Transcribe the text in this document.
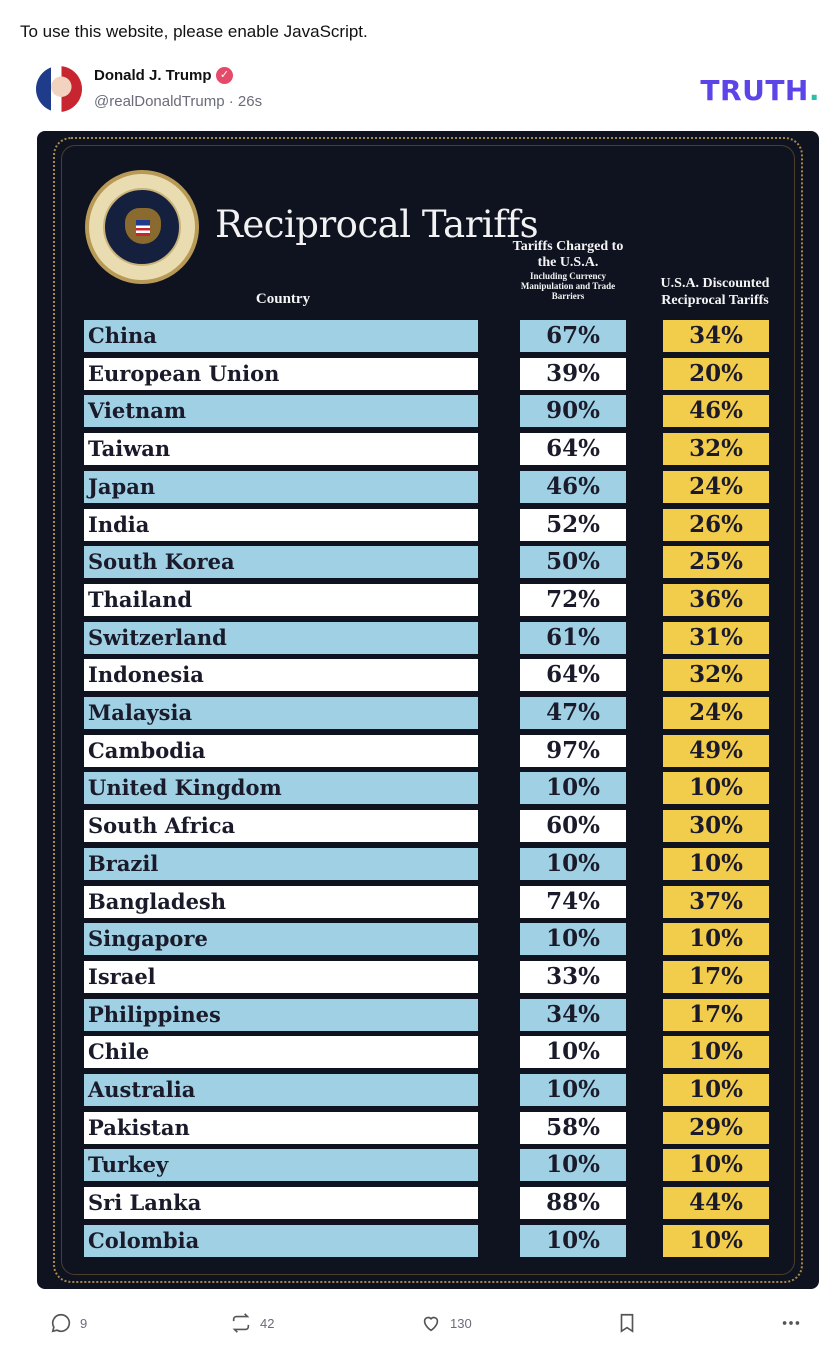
To use this website, please enable JavaScript.
Donald J. Trump ✓
@realDonaldTrump · 26s	TRUTH.
Reciprocal Tariffs
Country
Tariffs Charged to the U.S.A.
Including Currency Manipulation and Trade Barriers
U.S.A. Discounted Reciprocal Tariffs
China	67%	34%
European Union	39%	20%
Vietnam	90%	46%
Taiwan	64%	32%
Japan	46%	24%
India	52%	26%
South Korea	50%	25%
Thailand	72%	36%
Switzerland	61%	31%
Indonesia	64%	32%
Malaysia	47%	24%
Cambodia	97%	49%
United Kingdom	10%	10%
South Africa	60%	30%
Brazil	10%	10%
Bangladesh	74%	37%
Singapore	10%	10%
Israel	33%	17%
Philippines	34%	17%
Chile	10%	10%
Australia	10%	10%
Pakistan	58%	29%
Turkey	10%	10%
Sri Lanka	88%	44%
Colombia	10%	10%
9	42	130
